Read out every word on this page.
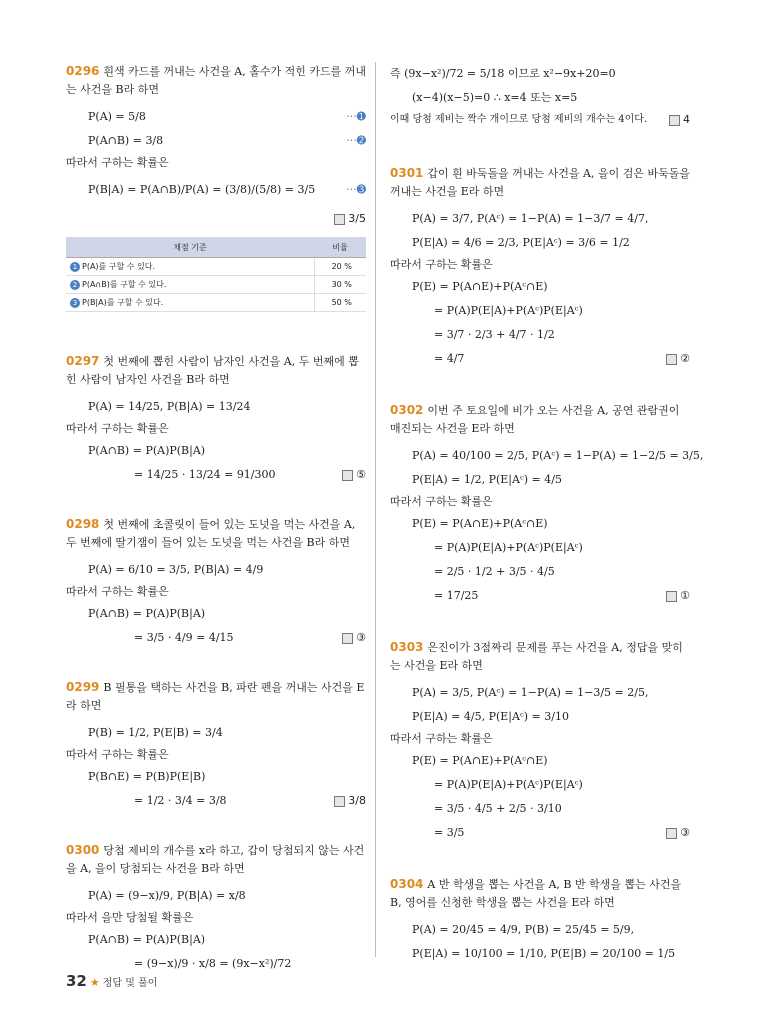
0296 흰색 카드를 꺼내는 사건을 A, 홀수가 적힌 카드를 꺼내는 사건을 B라 하면
P(A) = 5/8	···➊
P(A∩B) = 3/8	···➋
따라서 구하는 확률은
P(B|A) = P(A∩B)/P(A) = (3/8)/(5/8) = 3/5	···➌
3/5
채점 기준	비율
1 P(A)를 구할 수 있다.	20 %
2 P(A∩B)를 구할 수 있다.	30 %
3 P(B|A)를 구할 수 있다.	50 %
0297 첫 번째에 뽑힌 사람이 남자인 사건을 A, 두 번째에 뽑힌 사람이 남자인 사건을 B라 하면
P(A) = 14/25, P(B|A) = 13/24
따라서 구하는 확률은
P(A∩B) = P(A)P(B|A)
= 14/25 · 13/24 = 91/300	⑤
0298 첫 번째에 초콜릿이 들어 있는 도넛을 먹는 사건을 A, 두 번째에 딸기잼이 들어 있는 도넛을 먹는 사건을 B라 하면
P(A) = 6/10 = 3/5, P(B|A) = 4/9
따라서 구하는 확률은
P(A∩B) = P(A)P(B|A)
= 3/5 · 4/9 = 4/15	③
0299 B 필통을 택하는 사건을 B, 파란 펜을 꺼내는 사건을 E라 하면
P(B) = 1/2, P(E|B) = 3/4
따라서 구하는 확률은
P(B∩E) = P(B)P(E|B)
= 1/2 · 3/4 = 3/8	3/8
0300 당첨 제비의 개수를 x라 하고, 갑이 당첨되지 않는 사건을 A, 을이 당첨되는 사건을 B라 하면
P(A) = (9−x)/9, P(B|A) = x/8
따라서 을만 당첨될 확률은
P(A∩B) = P(A)P(B|A)
= (9−x)/9 · x/8 = (9x−x²)/72
즉 (9x−x²)/72 = 5/18 이므로 x²−9x+20=0
(x−4)(x−5)=0 ∴ x=4 또는 x=5
이때 당첨 제비는 짝수 개이므로 당첨 제비의 개수는 4이다.	4
0301 갑이 흰 바둑돌을 꺼내는 사건을 A, 을이 검은 바둑돌을 꺼내는 사건을 E라 하면
P(A) = 3/7, P(Aᶜ) = 1−P(A) = 1−3/7 = 4/7,
P(E|A) = 4/6 = 2/3, P(E|Aᶜ) = 3/6 = 1/2
따라서 구하는 확률은
P(E) = P(A∩E)+P(Aᶜ∩E)
= P(A)P(E|A)+P(Aᶜ)P(E|Aᶜ)
= 3/7 · 2/3 + 4/7 · 1/2
= 4/7	②
0302 이번 주 토요일에 비가 오는 사건을 A, 공연 관람권이 매진되는 사건을 E라 하면
P(A) = 40/100 = 2/5, P(Aᶜ) = 1−P(A) = 1−2/5 = 3/5,
P(E|A) = 1/2, P(E|Aᶜ) = 4/5
따라서 구하는 확률은
P(E) = P(A∩E)+P(Aᶜ∩E)
= P(A)P(E|A)+P(Aᶜ)P(E|Aᶜ)
= 2/5 · 1/2 + 3/5 · 4/5
= 17/25	①
0303 은진이가 3점짜리 문제를 푸는 사건을 A, 정답을 맞히는 사건을 E라 하면
P(A) = 3/5, P(Aᶜ) = 1−P(A) = 1−3/5 = 2/5,
P(E|A) = 4/5, P(E|Aᶜ) = 3/10
따라서 구하는 확률은
P(E) = P(A∩E)+P(Aᶜ∩E)
= P(A)P(E|A)+P(Aᶜ)P(E|Aᶜ)
= 3/5 · 4/5 + 2/5 · 3/10
= 3/5	③
0304 A 반 학생을 뽑는 사건을 A, B 반 학생을 뽑는 사건을 B, 영어를 신청한 학생을 뽑는 사건을 E라 하면
P(A) = 20/45 = 4/9, P(B) = 25/45 = 5/9,
P(E|A) = 10/100 = 1/10, P(E|B) = 20/100 = 1/5
32 ★ 정답 및 풀이
